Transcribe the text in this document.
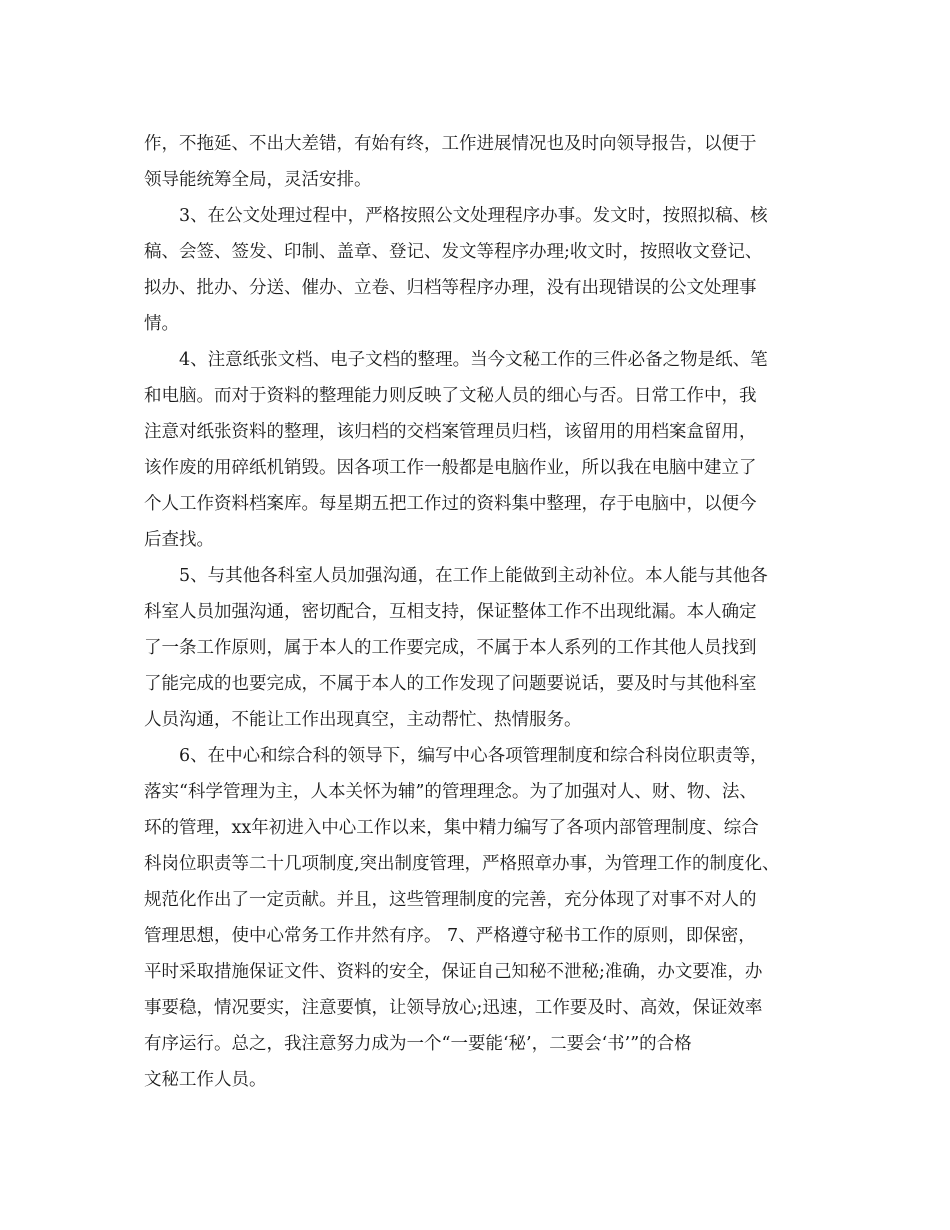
作，不拖延、不出大差错，有始有终，工作进展情况也及时向领导报告，以便于
领导能统筹全局，灵活安排。
3、在公文处理过程中，严格按照公文处理程序办事。发文时，按照拟稿、核
稿、会签、签发、印制、盖章、登记、发文等程序办理;收文时，按照收文登记、
拟办、批办、分送、催办、立卷、归档等程序办理，没有出现错误的公文处理事
情。
4、注意纸张文档、电子文档的整理。当今文秘工作的三件必备之物是纸、笔
和电脑。而对于资料的整理能力则反映了文秘人员的细心与否。日常工作中，我
注意对纸张资料的整理，该归档的交档案管理员归档，该留用的用档案盒留用，
该作废的用碎纸机销毁。因各项工作一般都是电脑作业，所以我在电脑中建立了
个人工作资料档案库。每星期五把工作过的资料集中整理，存于电脑中，以便今
后查找。
5、与其他各科室人员加强沟通，在工作上能做到主动补位。本人能与其他各
科室人员加强沟通，密切配合，互相支持，保证整体工作不出现纰漏。本人确定
了一条工作原则，属于本人的工作要完成，不属于本人系列的工作其他人员找到
了能完成的也要完成，不属于本人的工作发现了问题要说话，要及时与其他科室
人员沟通，不能让工作出现真空，主动帮忙、热情服务。
6、在中心和综合科的领导下，编写中心各项管理制度和综合科岗位职责等，
落实“科学管理为主，人本关怀为辅”的管理理念。为了加强对人、财、物、法、
环的管理，xx年初进入中心工作以来，集中精力编写了各项内部管理制度、综合
科岗位职责等二十几项制度,突出制度管理，严格照章办事，为管理工作的制度化、
规范化作出了一定贡献。并且，这些管理制度的完善，充分体现了对事不对人的
管理思想，使中心常务工作井然有序。 7、严格遵守秘书工作的原则，即保密，
平时采取措施保证文件、资料的安全，保证自己知秘不泄秘;准确，办文要准，办
事要稳，情况要实，注意要慎，让领导放心;迅速，工作要及时、高效，保证效率
有序运行。总之，我注意努力成为一个“一要能‘秘’，二要会‘书’”的合格
文秘工作人员。
